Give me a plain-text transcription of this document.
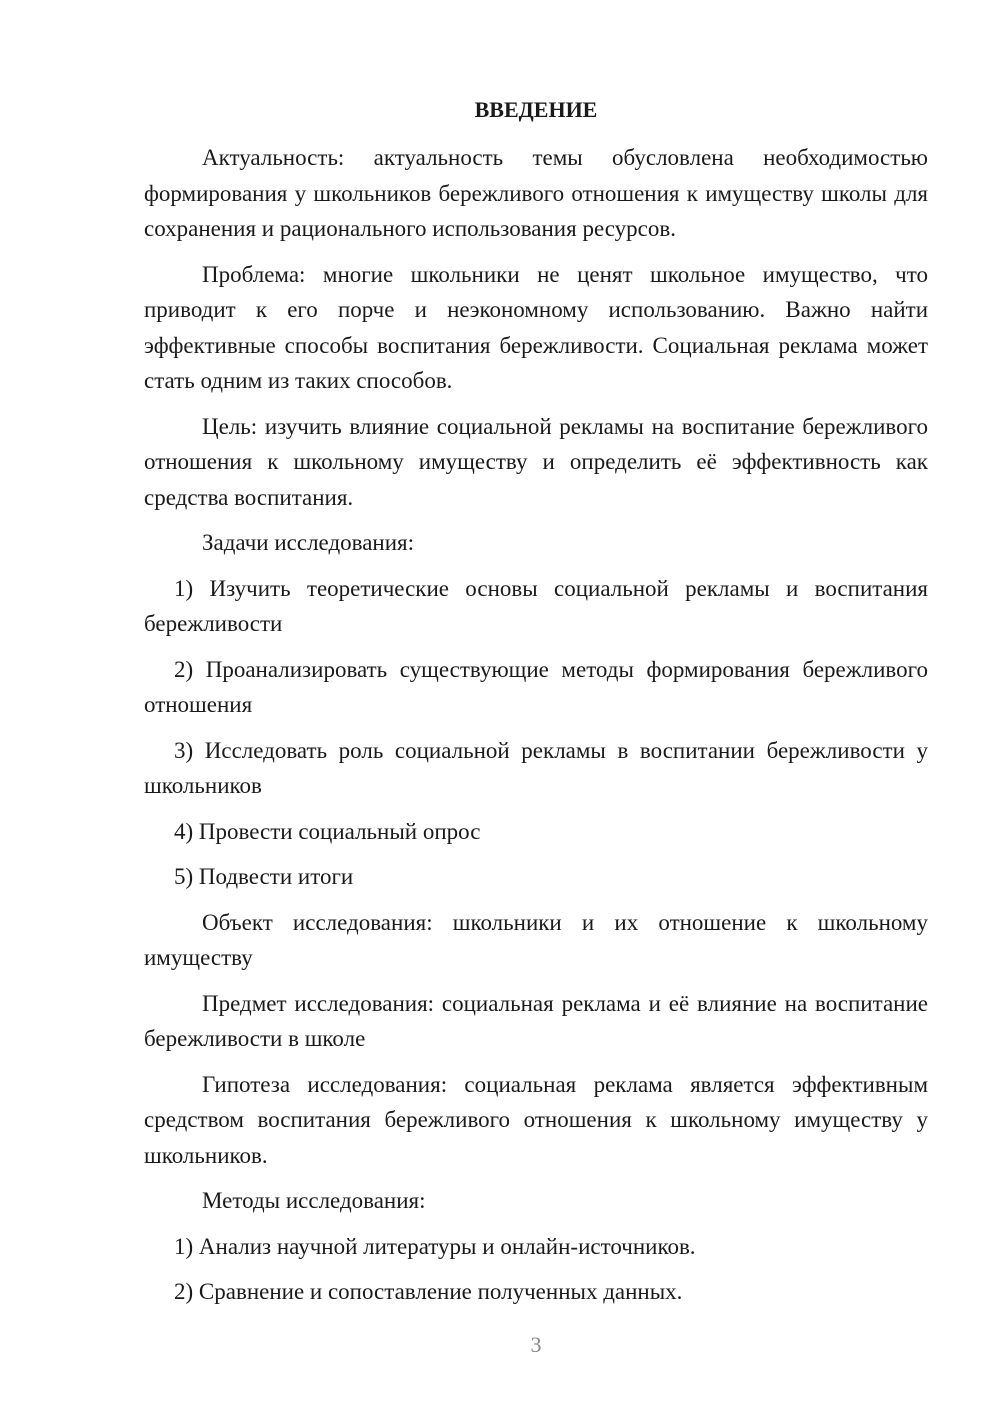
ВВЕДЕНИЕ
Актуальность: актуальность темы обусловлена необходимостью формирования у школьников бережливого отношения к имуществу школы для сохранения и рационального использования ресурсов.
Проблема: многие школьники не ценят школьное имущество, что приводит к его порче и неэкономному использованию. Важно найти эффективные способы воспитания бережливости. Социальная реклама может стать одним из таких способов.
Цель: изучить влияние социальной рекламы на воспитание бережливого отношения к школьному имуществу и определить её эффективность как средства воспитания.
Задачи исследования:
1) Изучить теоретические основы социальной рекламы и воспитания бережливости
2) Проанализировать существующие методы формирования бережливого отношения
3) Исследовать роль социальной рекламы в воспитании бережливости у школьников
4) Провести социальный опрос
5) Подвести итоги
Объект исследования: школьники и их отношение к школьному имуществу
Предмет исследования: социальная реклама и её влияние на воспитание бережливости в школе
Гипотеза исследования: социальная реклама является эффективным средством воспитания бережливого отношения к школьному имуществу у школьников.
Методы исследования:
1) Анализ научной литературы и онлайн-источников.
2) Сравнение и сопоставление полученных данных.
3
